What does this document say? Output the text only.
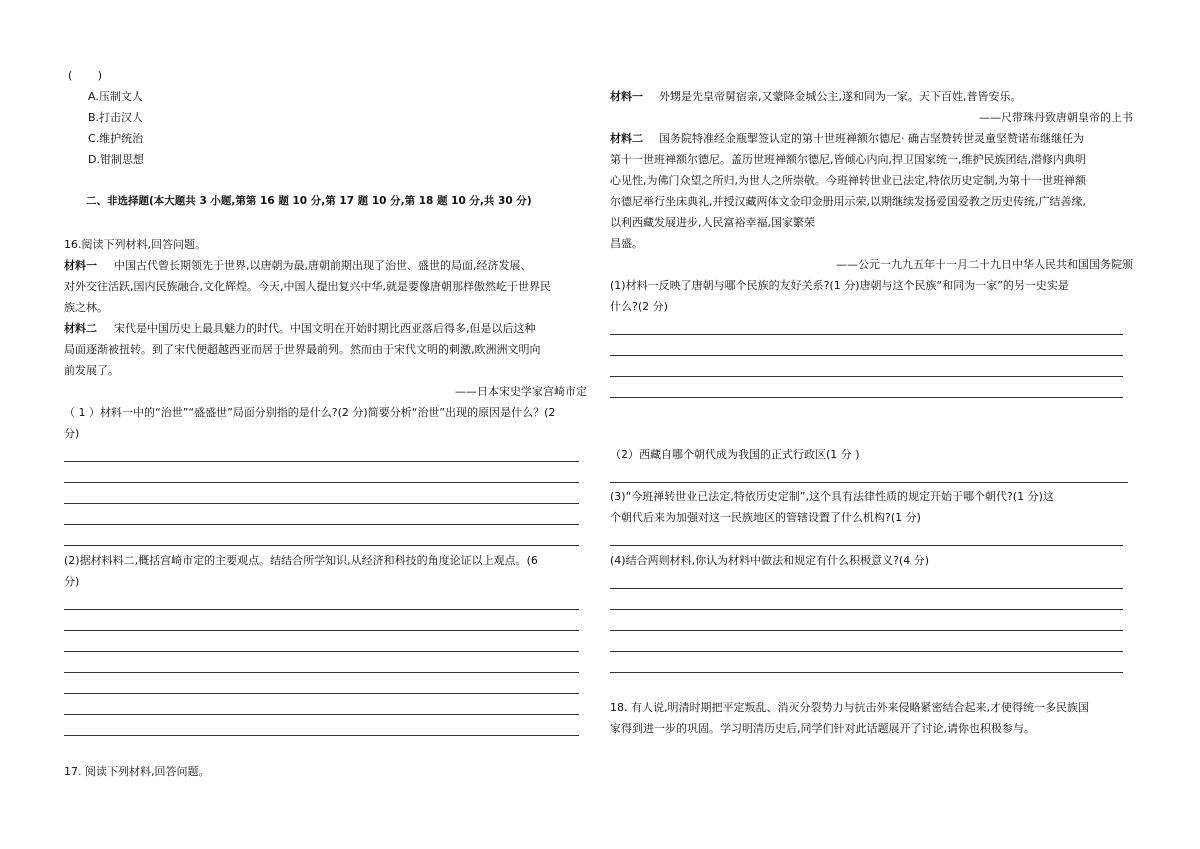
(　　 )
A.压制文人
B.打击汉人
C.维护统治
D.钳制思想
二、非选择题(本大题共 3 小题,第第 16 题 10 分,第 17 题 10 分,第 18 题 10 分,共 30 分)
16.阅读下列材料,回答问题。
材料一 中国古代曾长期领先于世界,以唐朝为最,唐朝前期出现了治世、盛世的局面,经济发展、
对外交往活跃,国内民族融合,文化辉煌。今天,中国人提出复兴中华,就是要像唐朝那样傲然屹于世界民
族之林。
材料二 宋代是中国历史上最具魅力的时代。中国文明在开始时期比西亚落后得多,但是以后这种
局面逐渐被扭转。到了宋代便超越西亚而居于世界最前列。然而由于宋代文明的刺激,欧洲洲文明向
前发展了。
——日本宋史学家宫崎市定
（ 1 ）材料一中的“治世”“盛盛世”局面分别指的是什么?(2 分)简要分析“治世”出现的原因是什么？(2
分)
(2)据材料料二,概括宫崎市定的主要观点。结结合所学知识,从经济和科技的角度论证以上观点。(6
分)
17. 阅读下列材料,回答问题。
材料一 外甥是先皇帝舅宿亲,又蒙降金城公主,遂和同为一家。天下百姓,普皆安乐。
——尺带珠丹致唐朝皇帝的上书
材料二 国务院特准经金瓶掣签认定的第十世班禅额尔德尼· 确吉坚赞转世灵童坚赞诺布继继任为
第十一世班禅额尔德尼。盖历世班禅额尔德尼,皆倾心内向,捍卫国家统一,维护民族团结,潜修内典明
心见性,为佛门众望之所归,为世人之所崇敬。今班禅转世业已法定,特依历史定制,为第十一世班禅额
尔德尼举行坐床典礼,并授汉藏两体文金印金册用示荣,以期继续发扬爱国爱教之历史传统,广结善缘,
以利西藏发展进步,人民富裕幸福,国家繁荣
昌盛。
——公元一九九五年十一月二十九日中华人民共和国国务院颁
(1)材料一反映了唐朝与哪个民族的友好关系?(1 分)唐朝与这个民族“和同为一家”的另一史实是
什么?(2 分)
（2）西藏自哪个朝代成为我国的正式行政区(1 分 )
(3)“今班禅转世业已法定,特依历史定制”,这个具有法律性质的规定开始于哪个朝代?(1 分)这
个朝代后来为加强对这一民族地区的管辖设置了什么机构?(1 分)
(4)结合两则材料,你认为材料中做法和规定有什么积极意义?(4 分)
18. 有人说,明清时期把平定叛乱、消灭分裂势力与抗击外来侵略紧密结合起来,才使得统一多民族国
家得到进一步的巩固。学习明清历史后,同学们针对此话题展开了讨论,请你也积极参与。
